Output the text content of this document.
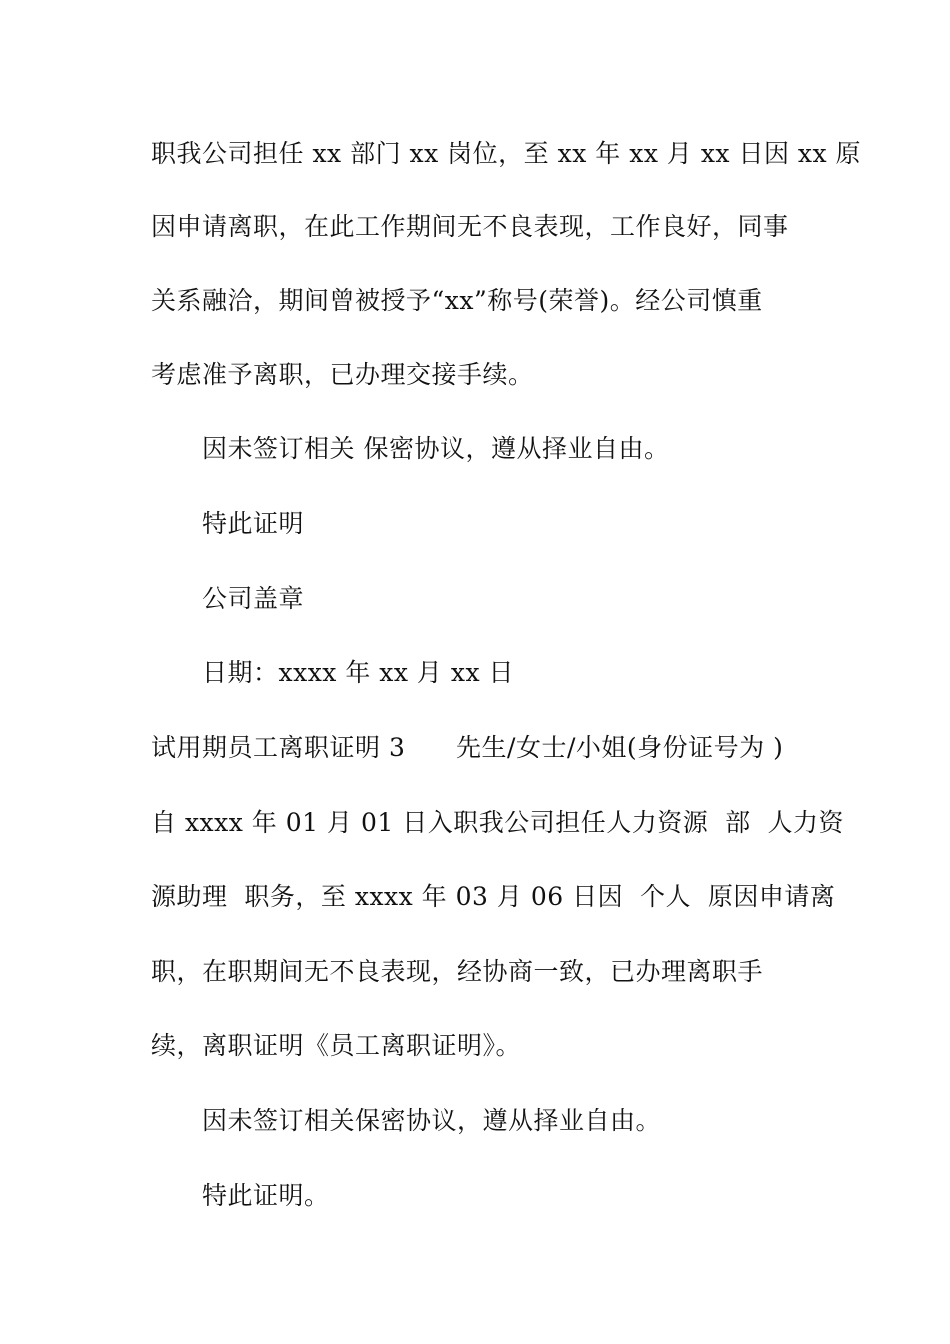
职我公司担任 xx 部门 xx 岗位，至 xx 年 xx 月 xx 日因 xx 原
因申请离职，在此工作期间无不良表现，工作良好，同事
关系融洽，期间曾被授予“xx”称号(荣誉)。经公司慎重
考虑准予离职，已办理交接手续。
因未签订相关 保密协议，遵从择业自由。
特此证明
公司盖章
日期：xxxx 年 xx 月 xx 日
试用期员工离职证明 3      先生/女士/小姐(身份证号为 )
自 xxxx 年 01 月 01 日入职我公司担任人力资源  部  人力资
源助理  职务，至 xxxx 年 03 月 06 日因  个人  原因申请离
职，在职期间无不良表现，经协商一致，已办理离职手
续，离职证明《员工离职证明》。
因未签订相关保密协议，遵从择业自由。
特此证明。
